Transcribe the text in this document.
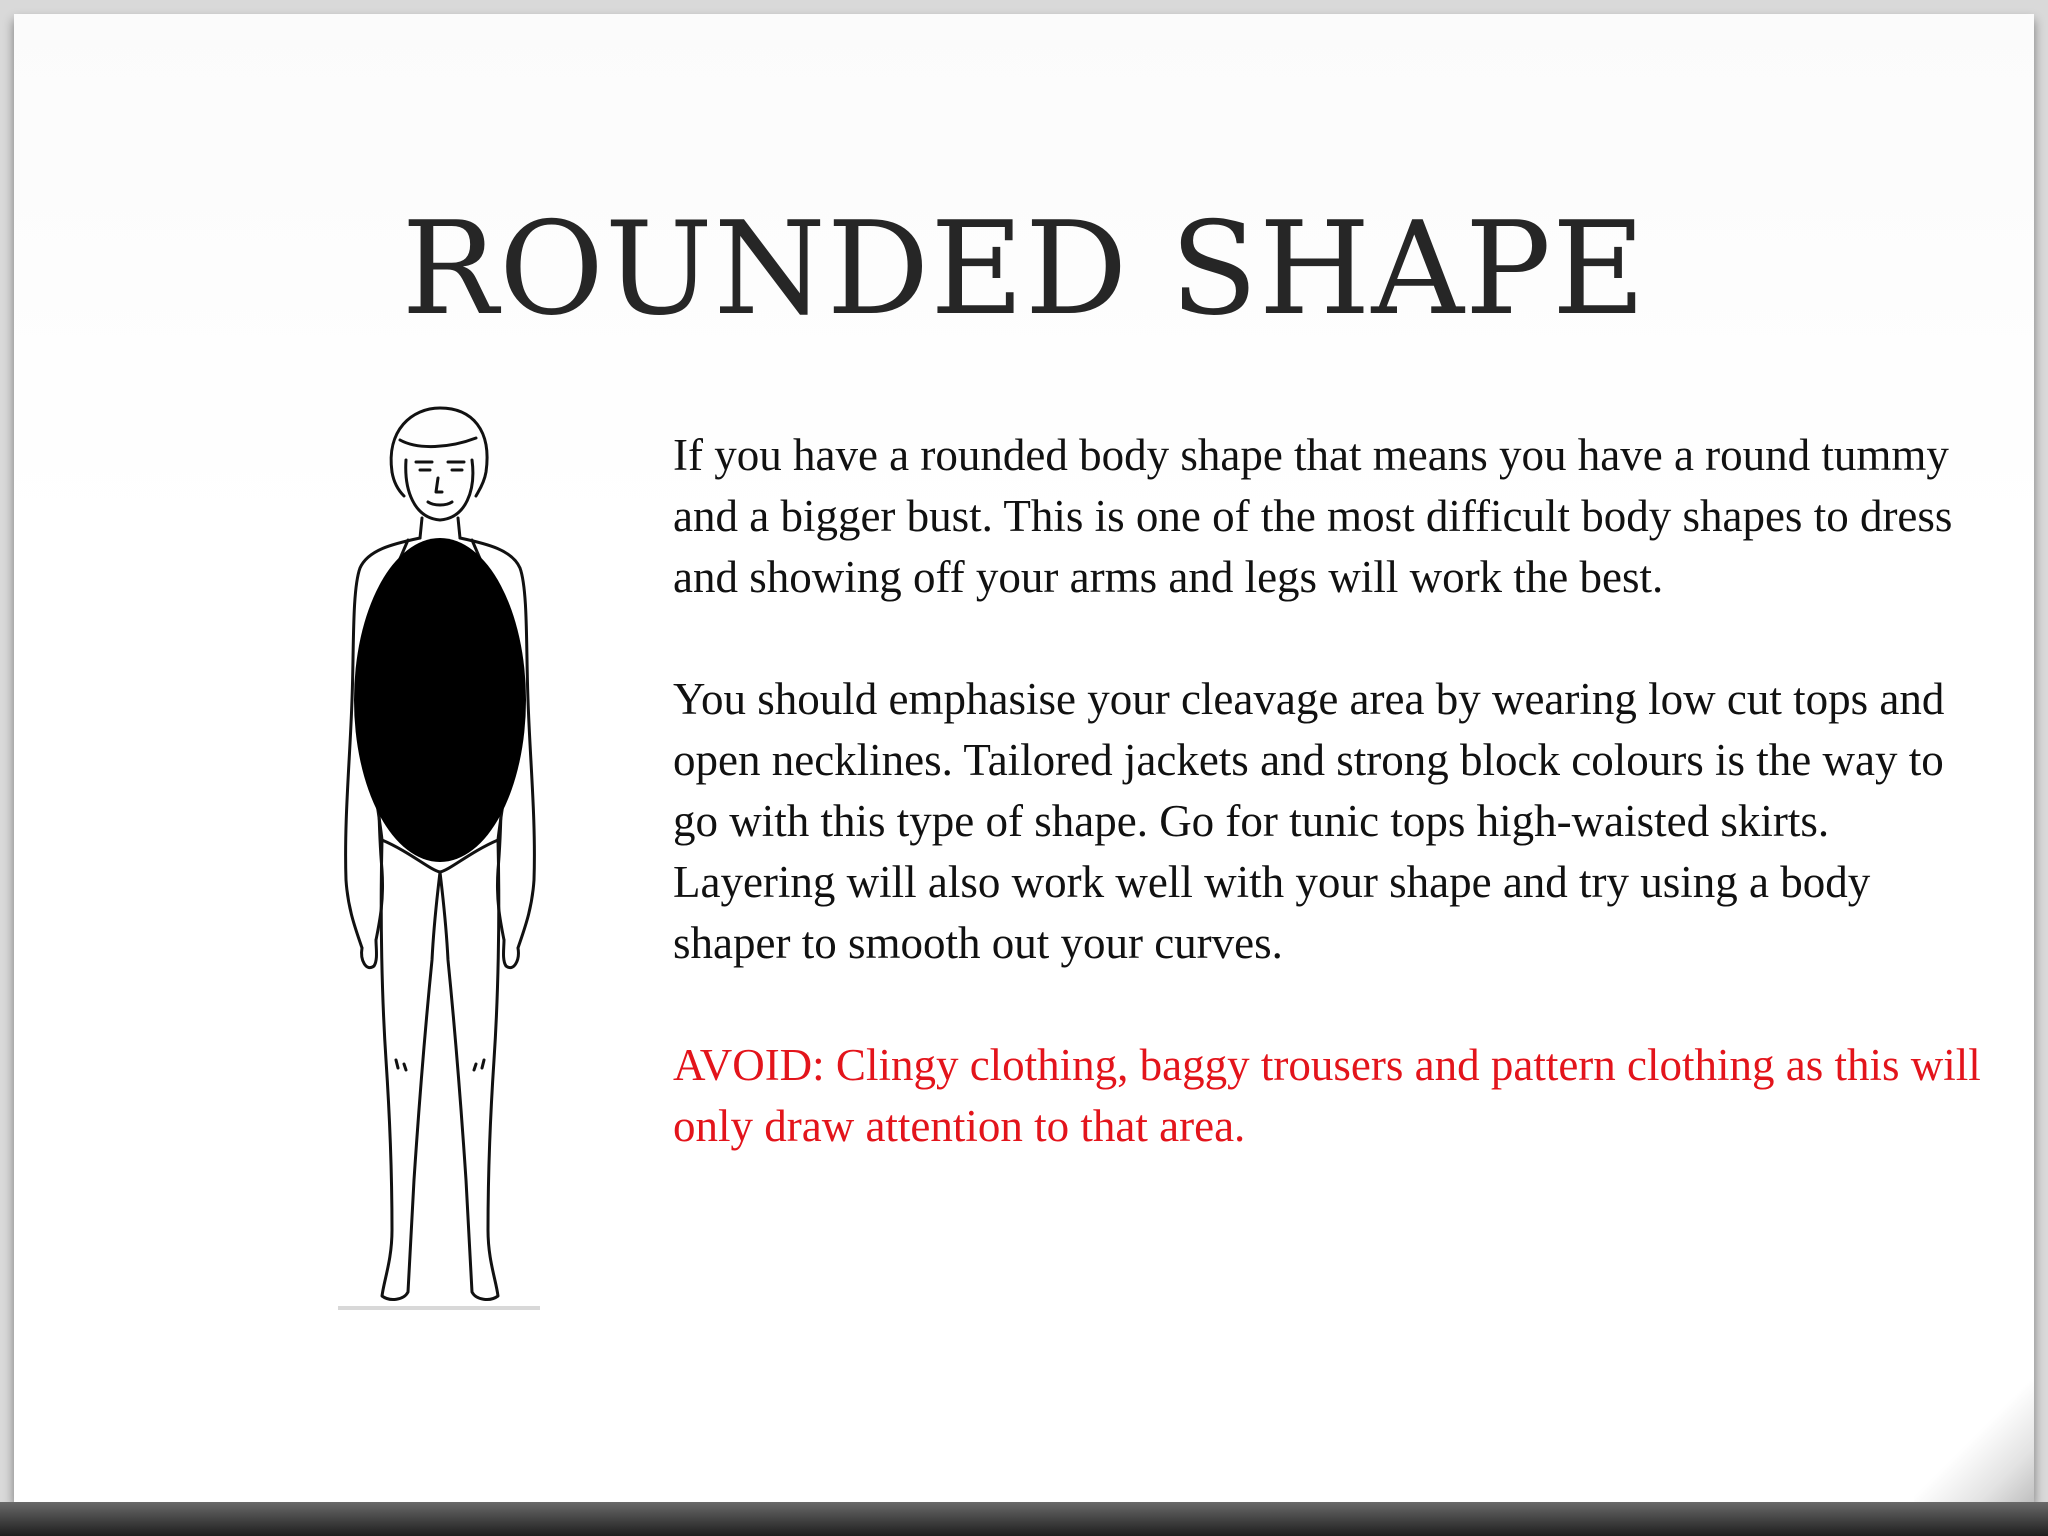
ROUNDED SHAPE

If you have a rounded body shape that means you have a round tummy and a bigger bust. This is one of the most difficult body shapes to dress and showing off your arms and legs will work the best.

You should emphasise your cleavage area by wearing low cut tops and open necklines. Tailored jackets and strong block colours is the way to go with this type of shape. Go for tunic tops high-waisted skirts. Layering will also work well with your shape and try using a body shaper to smooth out your curves.

AVOID: Clingy clothing, baggy trousers and pattern clothing as this will only draw attention to that area.
